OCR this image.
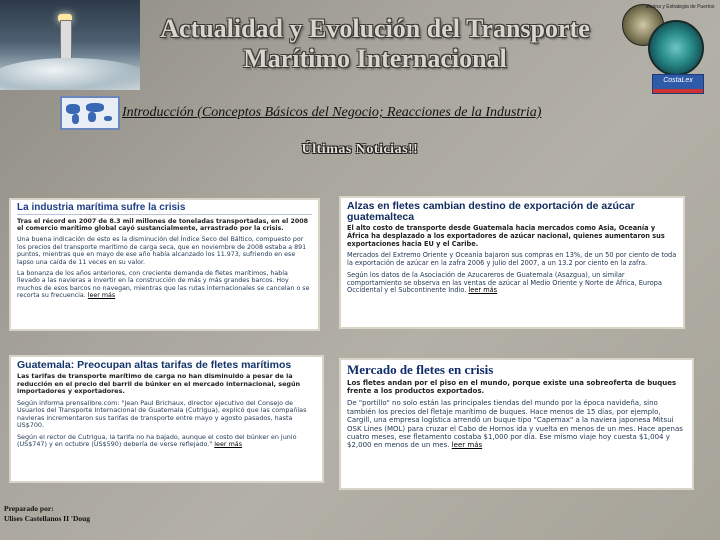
Actualidad y Evolución del Transporte
Marítimo Internacional
Marina y Estrategia de Puertos
CostaLex
Introducción (Conceptos Básicos del Negocio; Reacciones de la Industria)
Últimas Noticias!!
La industria marítima sufre la crisis

Tras el récord en 2007 de 8.3 mil millones de toneladas transportadas, en el 2008 el comercio marítimo global cayó sustancialmente, arrastrado por la crisis.

Una buena indicación de esto es la disminución del Índice Seco del Báltico, compuesto por los precios del transporte marítimo de carga seca, que en noviembre de 2008 estaba a 891 puntos, mientras que en mayo de ese año había alcanzado los 11.973, sufriendo en ese lapso una caída de 11 veces en su valor.

La bonanza de los años anteriores, con creciente demanda de fletes marítimos, había llevado a las navieras a invertir en la construcción de más y más grandes barcos. Hoy muchos de esos barcos no navegan, mientras que las rutas internacionales se cancelan o se recorta su frecuencia. leer más

Alzas en fletes cambian destino de exportación de azúcar guatemalteca

El alto costo de transporte desde Guatemala hacia mercados como Asia, Oceanía y África ha desplazado a los exportadores de azúcar nacional, quienes aumentaron sus exportaciones hacia EU y el Caribe.

Mercados del Extremo Oriente y Oceanía bajaron sus compras en 13%, de un 50 por ciento de toda la exportación de azúcar en la zafra 2006 y julio del 2007, a un 13.2 por ciento en la zafra.

Según los datos de la Asociación de Azucareros de Guatemala (Asazgua), un similar comportamiento se observa en las ventas de azúcar al Medio Oriente y Norte de África, Europa Occidental y el Subcontinente Indio. leer más

Guatemala: Preocupan altas tarifas de fletes marítimos

Las tarifas de transporte marítimo de carga no han disminuido a pesar de la reducción en el precio del barril de búnker en el mercado internacional, según importadores y exportadores.

Según informa prensalibre.com: "Jean Paul Brichaux, director ejecutivo del Consejo de Usuarios del Transporte Internacional de Guatemala (Cutrigua), explicó que las compañías navieras incrementaron sus tarifas de transporte entre mayo y agosto pasados, hasta US$700.

Según el rector de Cutrigua, la tarifa no ha bajado, aunque el costo del búnker en junio (US$747) y en octubre (US$590) debería de verse reflejado." leer más

Mercado de fletes en crisis

Los fletes andan por el piso en el mundo, porque existe una sobreoferta de buques frente a los productos exportados.

De "portillo" no solo están las principales tiendas del mundo por la época navideña, sino también los precios del fletaje marítimo de buques. Hace menos de 15 días, por ejemplo, Cargill, una empresa logística arrendó un buque tipo "Capemax" a la naviera japonesa Mitsui OSK Lines (MOL) para cruzar el Cabo de Hornos ida y vuelta en menos de un mes. Hace apenas cuatro meses, ese fletamento costaba $1,000 por día. Ese mismo viaje hoy cuesta $1,004 y $2,000 en menos de un mes. leer más

Preparado por:
Ulises Castellanos II 'Doug
